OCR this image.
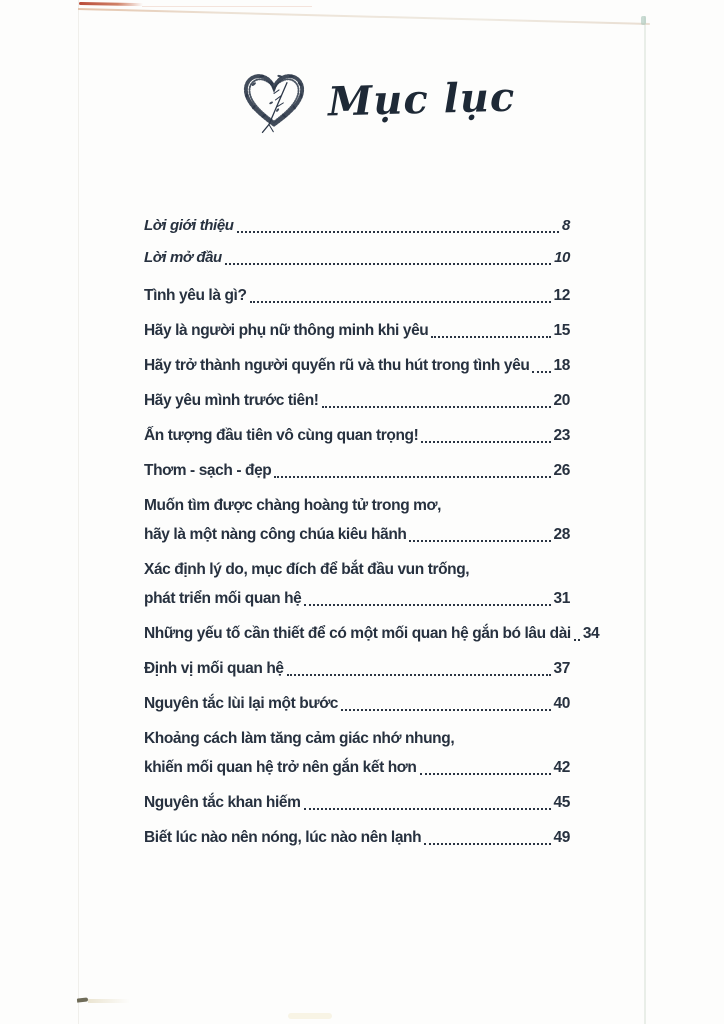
Mục lục
Lời giới thiệu	8
Lời mở đầu	10
Tình yêu là gì?	12
Hãy là người phụ nữ thông minh khi yêu	15
Hãy trở thành người quyến rũ và thu hút trong tình yêu 18
Hãy yêu mình trước tiên!	20
Ấn tượng đầu tiên vô cùng quan trọng!	23
Thơm - sạch - đẹp	26
Muốn tìm được chàng hoàng tử trong mơ,
hãy là một nàng công chúa kiêu hãnh	28
Xác định lý do, mục đích để bắt đầu vun trống,
phát triển mối quan hệ	31
Những yếu tố cần thiết để có một mối quan hệ gắn bó lâu dài 34
Định vị mối quan hệ	37
Nguyên tắc lùi lại một bước	40
Khoảng cách làm tăng cảm giác nhớ nhung,
khiến mối quan hệ trở nên gắn kết hơn	42
Nguyên tắc khan hiếm	45
Biết lúc nào nên nóng, lúc nào nên lạnh	49
